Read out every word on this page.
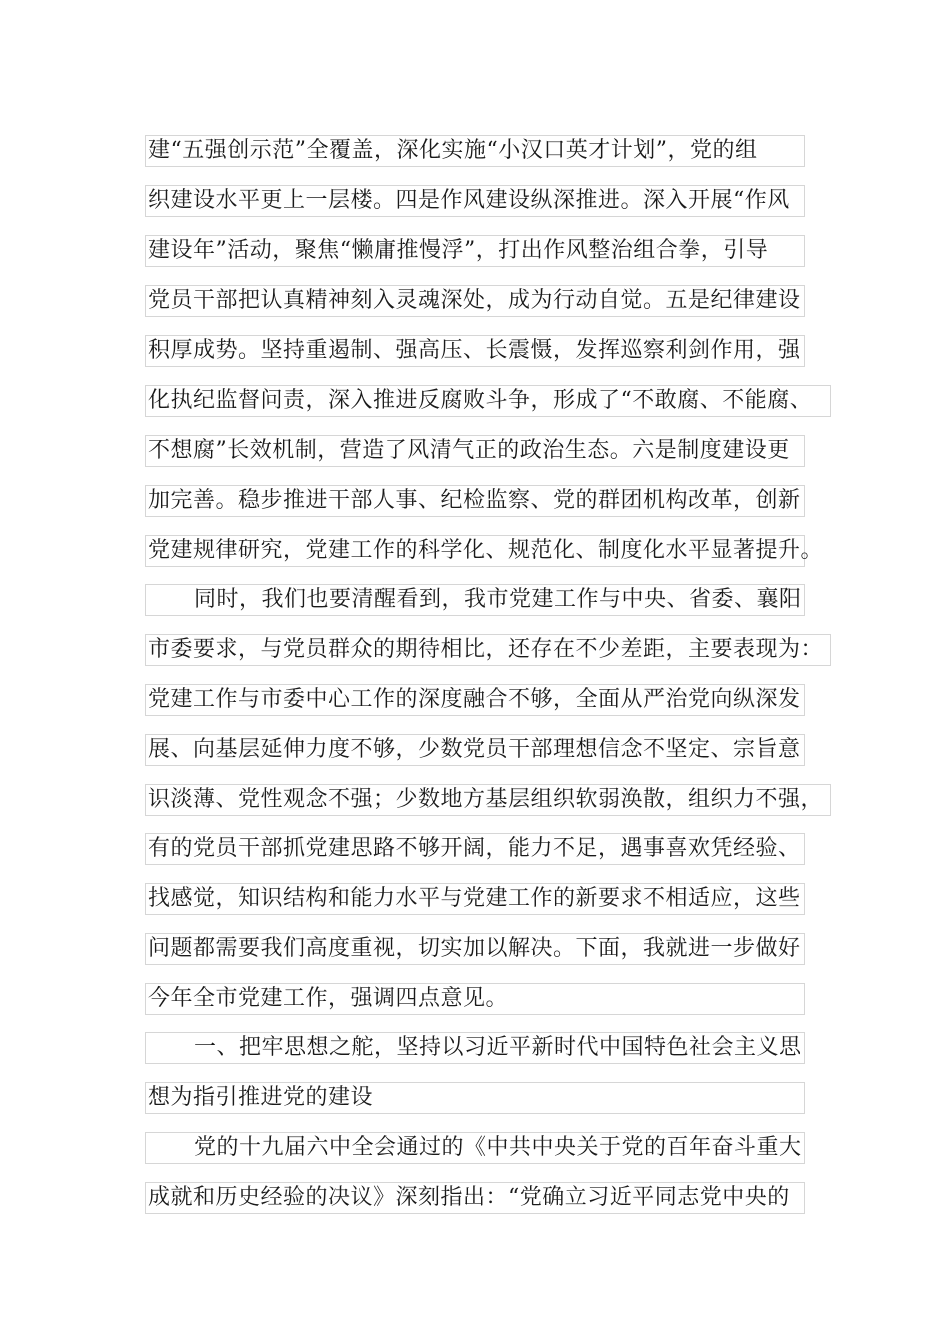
建“五强创示范”全覆盖，深化实施“小汉口英才计划”，党的组
织建设水平更上一层楼。四是作风建设纵深推进。深入开展“作风
建设年”活动，聚焦“懒庸推慢浮”，打出作风整治组合拳，引导
党员干部把认真精神刻入灵魂深处，成为行动自觉。五是纪律建设
积厚成势。坚持重遏制、强高压、长震慑，发挥巡察利剑作用，强
化执纪监督问责，深入推进反腐败斗争，形成了“不敢腐、不能腐、
不想腐”长效机制，营造了风清气正的政治生态。六是制度建设更
加完善。稳步推进干部人事、纪检监察、党的群团机构改革，创新
党建规律研究，党建工作的科学化、规范化、制度化水平显著提升。
同时，我们也要清醒看到，我市党建工作与中央、省委、襄阳
市委要求，与党员群众的期待相比，还存在不少差距，主要表现为：
党建工作与市委中心工作的深度融合不够，全面从严治党向纵深发
展、向基层延伸力度不够，少数党员干部理想信念不坚定、宗旨意
识淡薄、党性观念不强；少数地方基层组织软弱涣散，组织力不强，
有的党员干部抓党建思路不够开阔，能力不足，遇事喜欢凭经验、
找感觉，知识结构和能力水平与党建工作的新要求不相适应，这些
问题都需要我们高度重视，切实加以解决。下面，我就进一步做好
今年全市党建工作，强调四点意见。
一、把牢思想之舵，坚持以习近平新时代中国特色社会主义思
想为指引推进党的建设
党的十九届六中全会通过的《中共中央关于党的百年奋斗重大
成就和历史经验的决议》深刻指出：“党确立习近平同志党中央的
